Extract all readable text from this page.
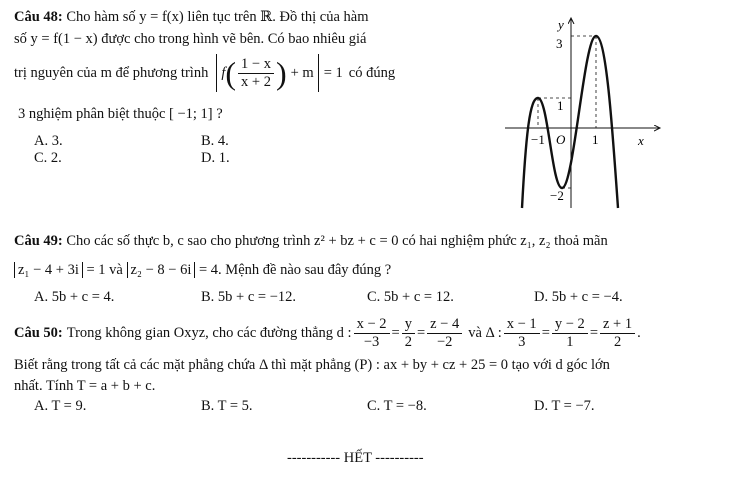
Câu 48: Cho hàm số y = f(x) liên tục trên ℝ. Đồ thị của hàm
số y = f(1 − x) được cho trong hình vẽ bên. Có bao nhiêu giá
trị nguyên của m để phương trình f ( $\frac{1 - x}{x + 2}$ ) + m = 1 có đúng
3 nghiệm phân biệt thuộc [ −1; 1] ?
A. 3.	B. 4.
C. 2.	D. 1.
y
x
3
1
−1 O 1
−2
Câu 49: Cho các số thực b, c sao cho phương trình z² + bz + c = 0 có hai nghiệm phức z₁, z₂ thoả mãn
z₁ − 4 + 3i = 1 và z₂ − 8 − 6i = 4. Mệnh đề nào sau đây đúng ?
A. 5b + c = 4.	B. 5b + c = −12.	C. 5b + c = 12.	D. 5b + c = −4.
Câu 50: Trong không gian Oxyz, cho các đường thẳng d : $\frac{x - 2}{-3} = \frac{y}{2} = \frac{z - 4}{-2}$ và Δ : $\frac{x - 1}{3} = \frac{y - 2}{1} = \frac{z + 1}{2}$ .
Biết rằng trong tất cả các mặt phẳng chứa Δ thì mặt phẳng (P) : ax + by + cz + 25 = 0 tạo với d góc lớn
nhất. Tính T = a + b + c.
A. T = 9.	B. T = 5.	C. T = −8.	D. T = −7.
----------- HẾT ----------
